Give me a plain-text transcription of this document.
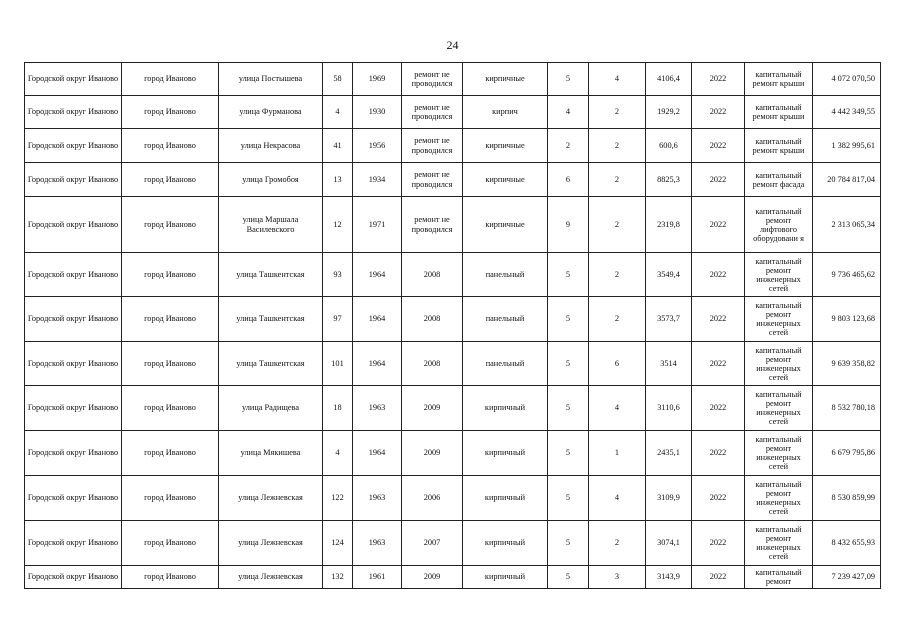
24
Городской округ Иваново	город Иваново	улица Постышева	58	1969	ремонт не проводился	кирпичные	5	4	4106,4	2022	капитальный ремонт крыши	4 072 070,50
Городской округ Иваново	город Иваново	улица Фурманова	4	1930	ремонт не проводился	кирпич	4	2	1929,2	2022	капитальный ремонт крыши	4 442 349,55
Городской округ Иваново	город Иваново	улица Некрасова	41	1956	ремонт не проводился	кирпичные	2	2	600,6	2022	капитальный ремонт крыши	1 382 995,61
Городской округ Иваново	город Иваново	улица Громобоя	13	1934	ремонт не проводился	кирпичные	6	2	8825,3	2022	капитальный ремонт фасада	20 784 817,04
Городской округ Иваново	город Иваново	улица Маршала Василевского	12	1971	ремонт не проводился	кирпичные	9	2	2319,8	2022	капитальный ремонт лифтового оборудовани я	2 313 065,34
Городской округ Иваново	город Иваново	улица Ташкентская	93	1964	2008	панельный	5	2	3549,4	2022	капитальный ремонт инженерных сетей	9 736 465,62
Городской округ Иваново	город Иваново	улица Ташкентская	97	1964	2008	панельный	5	2	3573,7	2022	капитальный ремонт инженерных сетей	9 803 123,68
Городской округ Иваново	город Иваново	улица Ташкентская	101	1964	2008	панельный	5	6	3514	2022	капитальный ремонт инженерных сетей	9 639 358,82
Городской округ Иваново	город Иваново	улица Радищева	18	1963	2009	кирпичный	5	4	3110,6	2022	капитальный ремонт инженерных сетей	8 532 780,18
Городской округ Иваново	город Иваново	улица Мякишева	4	1964	2009	кирпичный	5	1	2435,1	2022	капитальный ремонт инженерных сетей	6 679 795,86
Городской округ Иваново	город Иваново	улица Лежневская	122	1963	2006	кирпичный	5	4	3109,9	2022	капитальный ремонт инженерных сетей	8 530 859,99
Городской округ Иваново	город Иваново	улица Лежневская	124	1963	2007	кирпичный	5	2	3074,1	2022	капитальный ремонт инженерных сетей	8 432 655,93
Городской округ Иваново	город Иваново	улица Лежневская	132	1961	2009	кирпичный	5	3	3143,9	2022	капитальный ремонт	7 239 427,09
